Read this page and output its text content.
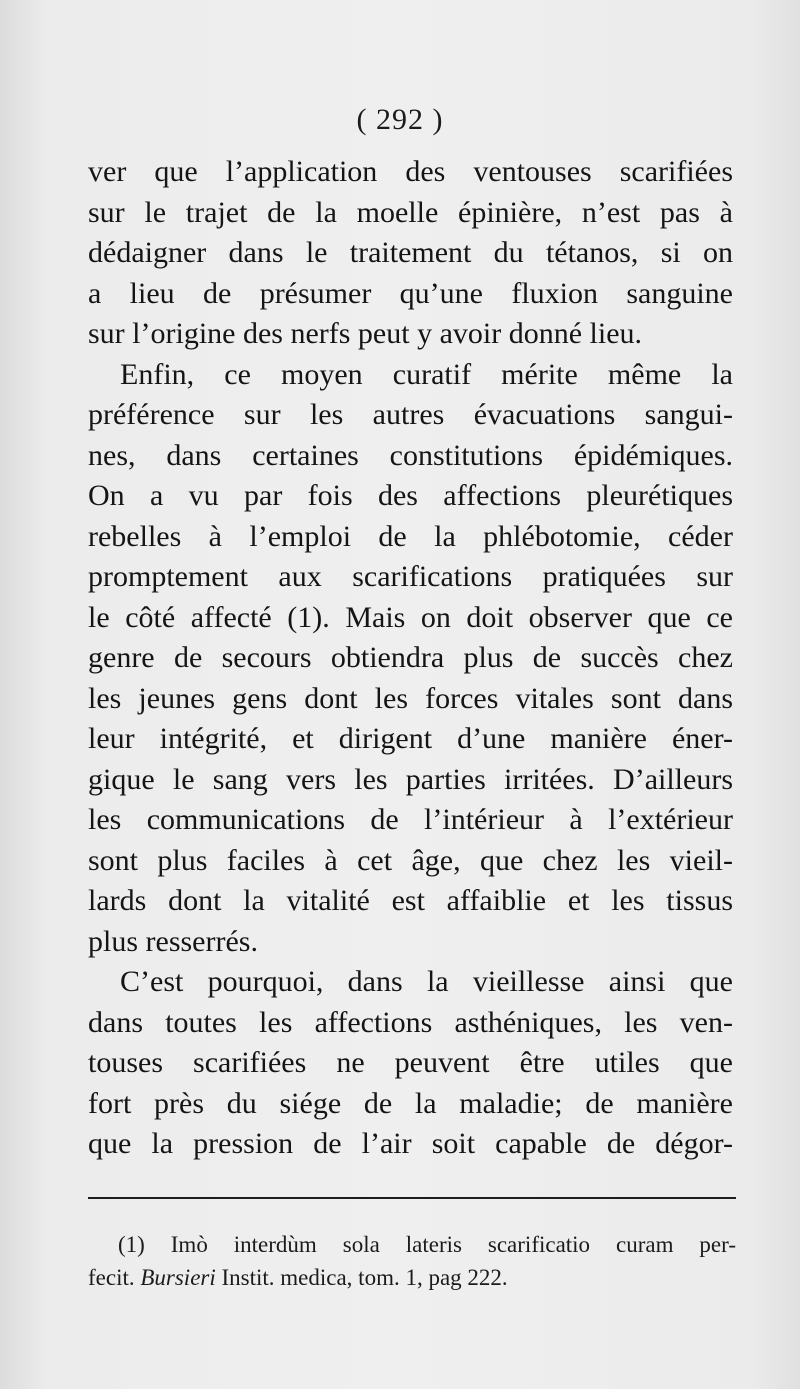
( 292 )
ver que l’application des ventouses scarifiées
sur le trajet de la moelle épinière, n’est pas à
dédaigner dans le traitement du tétanos, si on
a lieu de présumer qu’une fluxion sanguine
sur l’origine des nerfs peut y avoir donné lieu.
Enfin, ce moyen curatif mérite même la
préférence sur les autres évacuations sangui-
nes, dans certaines constitutions épidémiques.
On a vu par fois des affections pleurétiques
rebelles à l’emploi de la phlébotomie, céder
promptement aux scarifications pratiquées sur
le côté affecté (1). Mais on doit observer que ce
genre de secours obtiendra plus de succès chez
les jeunes gens dont les forces vitales sont dans
leur intégrité, et dirigent d’une manière éner-
gique le sang vers les parties irritées. D’ailleurs
les communications de l’intérieur à l’extérieur
sont plus faciles à cet âge, que chez les vieil-
lards dont la vitalité est affaiblie et les tissus
plus resserrés.
C’est pourquoi, dans la vieillesse ainsi que
dans toutes les affections asthéniques, les ven-
touses scarifiées ne peuvent être utiles que
fort près du siége de la maladie; de manière
que la pression de l’air soit capable de dégor-
(1) Imò interdùm sola lateris scarificatio curam per-
fecit. Bursieri Instit. medica, tom. 1, pag 222.
